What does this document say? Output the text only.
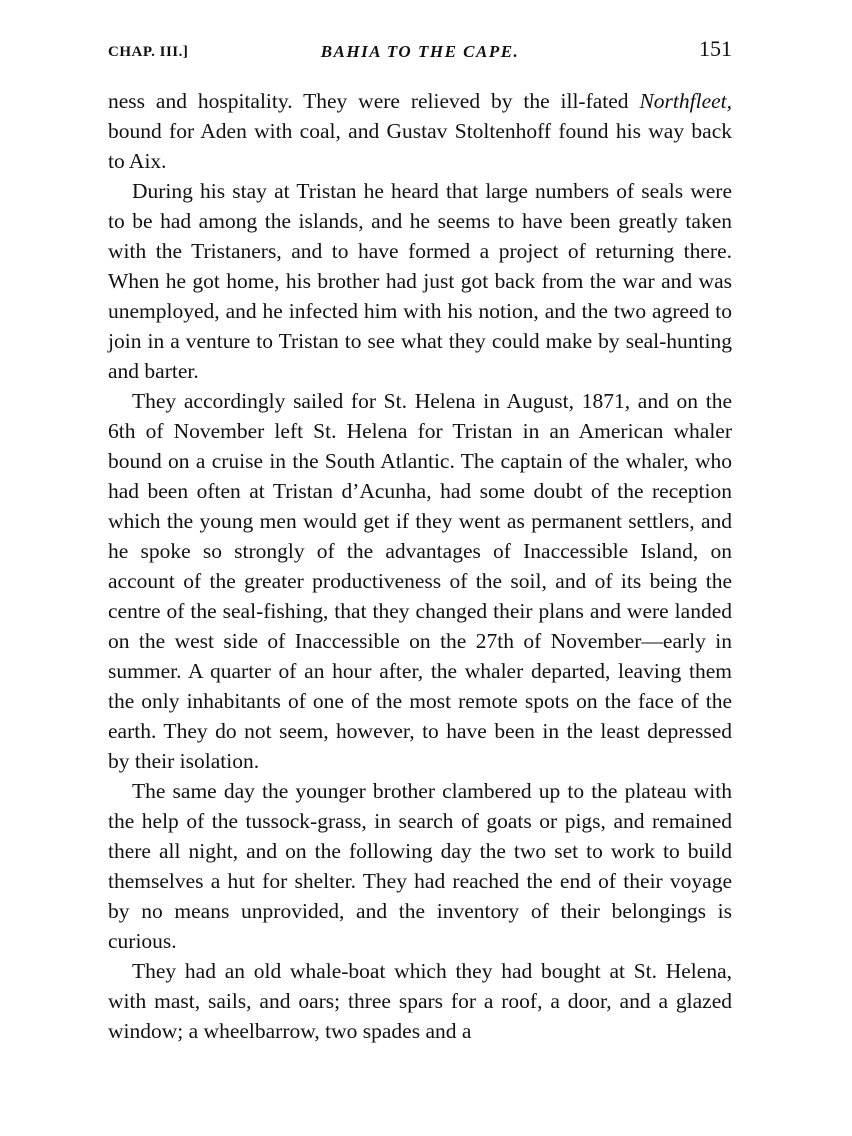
CHAP. III.]	BAHIA TO THE CAPE.	151

ness and hospitality. They were relieved by the ill-fated Northfleet, bound for Aden with coal, and Gustav Stoltenhoff found his way back to Aix.

During his stay at Tristan he heard that large numbers of seals were to be had among the islands, and he seems to have been greatly taken with the Tristaners, and to have formed a project of returning there. When he got home, his brother had just got back from the war and was unemployed, and he infected him with his notion, and the two agreed to join in a venture to Tristan to see what they could make by seal-hunting and barter.

They accordingly sailed for St. Helena in August, 1871, and on the 6th of November left St. Helena for Tristan in an American whaler bound on a cruise in the South Atlantic. The captain of the whaler, who had been often at Tristan d’Acunha, had some doubt of the reception which the young men would get if they went as permanent settlers, and he spoke so strongly of the advantages of Inaccessible Island, on account of the greater productiveness of the soil, and of its being the centre of the seal-fishing, that they changed their plans and were landed on the west side of Inaccessible on the 27th of November—early in summer. A quarter of an hour after, the whaler departed, leaving them the only inhabitants of one of the most remote spots on the face of the earth. They do not seem, however, to have been in the least depressed by their isolation.

The same day the younger brother clambered up to the plateau with the help of the tussock-grass, in search of goats or pigs, and remained there all night, and on the following day the two set to work to build themselves a hut for shelter. They had reached the end of their voyage by no means unprovided, and the inventory of their belongings is curious.

They had an old whale-boat which they had bought at St. Helena, with mast, sails, and oars; three spars for a roof, a door, and a glazed window; a wheelbarrow, two spades and a
